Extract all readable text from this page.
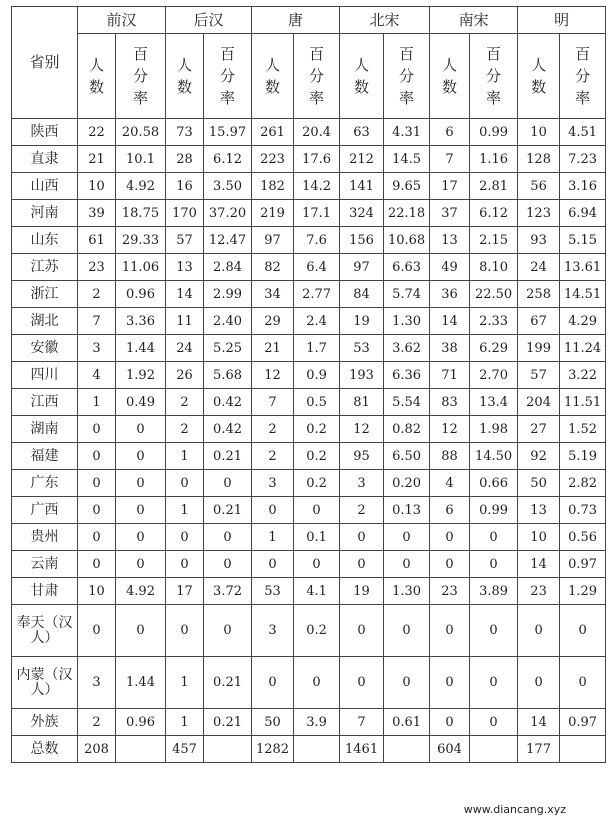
省别	前汉		后汉		唐		北宋		南宋		明	
	人数	百分率	人数	百分率	人数	百分率	人数	百分率	人数	百分率	人数	百分率
陕西	22	20.58	73	15.97	261	20.4	63	4.31	6	0.99	10	4.51
直隶	21	10.1	28	6.12	223	17.6	212	14.5	7	1.16	128	7.23
山西	10	4.92	16	3.50	182	14.2	141	9.65	17	2.81	56	3.16
河南	39	18.75	170	37.20	219	17.1	324	22.18	37	6.12	123	6.94
山东	61	29.33	57	12.47	97	7.6	156	10.68	13	2.15	93	5.15
江苏	23	11.06	13	2.84	82	6.4	97	6.63	49	8.10	24	13.61
浙江	2	0.96	14	2.99	34	2.77	84	5.74	36	22.50	258	14.51
湖北	7	3.36	11	2.40	29	2.4	19	1.30	14	2.33	67	4.29
安徽	3	1.44	24	5.25	21	1.7	53	3.62	38	6.29	199	11.24
四川	4	1.92	26	5.68	12	0.9	193	6.36	71	2.70	57	3.22
江西	1	0.49	2	0.42	7	0.5	81	5.54	83	13.4	204	11.51
湖南	0	0	2	0.42	2	0.2	12	0.82	12	1.98	27	1.52
福建	0	0	1	0.21	2	0.2	95	6.50	88	14.50	92	5.19
广东	0	0	0	0	3	0.2	3	0.20	4	0.66	50	2.82
广西	0	0	1	0.21	0	0	2	0.13	6	0.99	13	0.73
贵州	0	0	0	0	1	0.1	0	0	0	0	10	0.56
云南	0	0	0	0	0	0	0	0	0	0	14	0.97
甘肃	10	4.92	17	3.72	53	4.1	19	1.30	23	3.89	23	1.29
奉天（汉人）	0	0	0	0	3	0.2	0	0	0	0	0	0
内蒙（汉人）	3	1.44	1	0.21	0	0	0	0	0	0	0	0
外族	2	0.96	1	0.21	50	3.9	7	0.61	0	0	14	0.97
总数	208		457		1282		1461		604		177	
www.diancang.xyz
